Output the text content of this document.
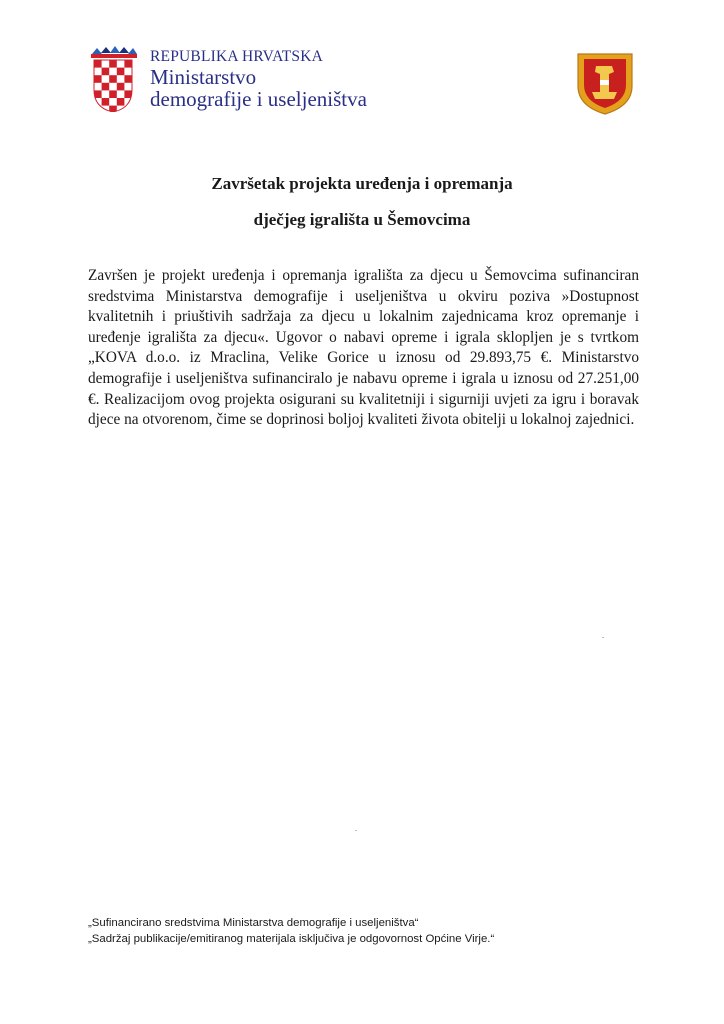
REPUBLIKA HRVATSKA
Ministarstvo
demografije i useljeništva
Završetak projekta uređenja i opremanja
dječjeg igrališta u Šemovcima
Završen je projekt uređenja i opremanja igrališta za djecu u Šemovcima sufinanciran sredstvima Ministarstva demografije i useljeništva u okviru poziva »Dostupnost kvalitetnih i priuštivih sadržaja za djecu u lokalnim zajednicama kroz opremanje i uređenje igrališta za djecu«. Ugovor o nabavi opreme i igrala sklopljen je s tvrtkom „KOVA d.o.o. iz Mraclina, Velike Gorice u iznosu od 29.893,75 €. Ministarstvo demografije i useljeništva sufinanciralo je nabavu opreme i igrala u iznosu od 27.251,00 €. Realizacijom ovog projekta osigurani su kvalitetniji i sigurniji uvjeti za igru i boravak djece na otvorenom, čime se doprinosi boljoj kvaliteti života obitelji u lokalnoj zajednici.
„Sufinancirano sredstvima Ministarstva demografije i useljeništva“
„Sadržaj publikacije/emitiranog materijala isključiva je odgovornost Općine Virje.“
